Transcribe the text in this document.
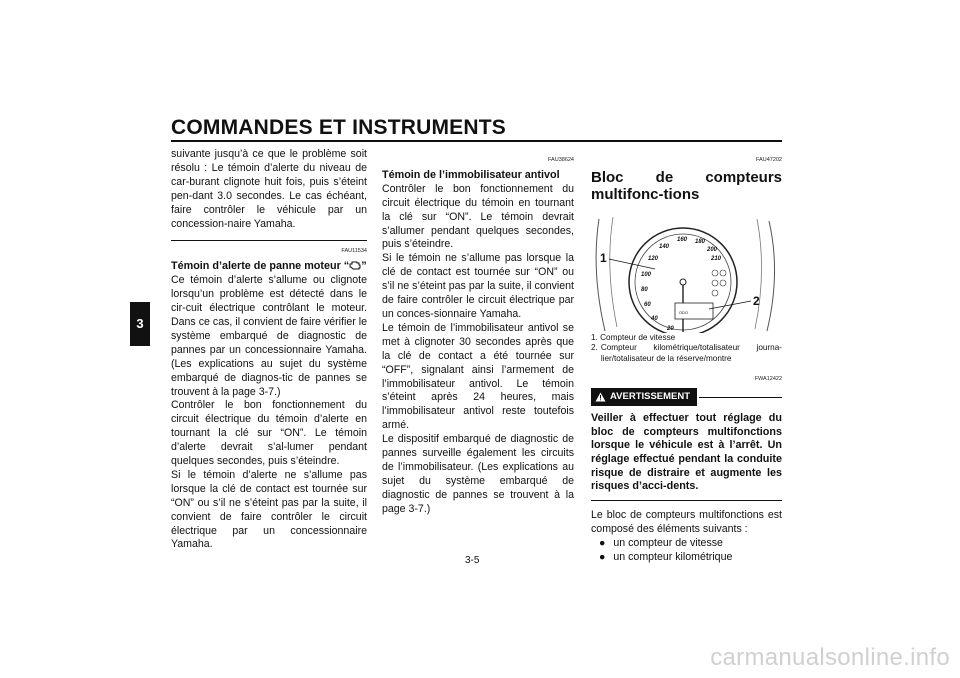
COMMANDES ET INSTRUMENTS
3

suivante jusqu’à ce que le problème soit résolu : Le témoin d’alerte du niveau de car-burant clignote huit fois, puis s’éteint pen-dant 3.0 secondes. Le cas échéant, faire contrôler le véhicule par un concession-naire Yamaha.

FAU11534
Témoin d’alerte de panne moteur “ ”

Ce témoin d’alerte s’allume ou clignote lorsqu’un problème est détecté dans le cir-cuit électrique contrôlant le moteur. Dans ce cas, il convient de faire vérifier le système embarqué de diagnostic de pannes par un concessionnaire Yamaha. (Les explications au sujet du système embarqué de diagnos-tic de pannes se trouvent à la page 3-7.)

Contrôler le bon fonctionnement du circuit électrique du témoin d’alerte en tournant la clé sur “ON”. Le témoin d’alerte devrait s’al-lumer pendant quelques secondes, puis s’éteindre.

Si le témoin d’alerte ne s’allume pas lorsque la clé de contact est tournée sur “ON” ou s’il ne s’éteint pas par la suite, il convient de faire contrôler le circuit électrique par un concessionnaire Yamaha.

FAU38624
Témoin de l’immobilisateur antivol

Contrôler le bon fonctionnement du circuit électrique du témoin en tournant la clé sur “ON”. Le témoin devrait s’allumer pendant quelques secondes, puis s’éteindre.

Si le témoin ne s’allume pas lorsque la clé de contact est tournée sur “ON” ou s’il ne s’éteint pas par la suite, il convient de faire contrôler le circuit électrique par un conces-sionnaire Yamaha.

Le témoin de l’immobilisateur antivol se met à clignoter 30 secondes après que la clé de contact a été tournée sur “OFF”, signalant ainsi l’armement de l’immobilisateur antivol. Le témoin s’éteint après 24 heures, mais l’immobilisateur antivol reste toutefois armé.

Le dispositif embarqué de diagnostic de pannes surveille également les circuits de l’immobilisateur. (Les explications au sujet du système embarqué de diagnostic de pannes se trouvent à la page 3-7.)

FAU47202
Bloc de compteurs multifonc-tions
20
40
60
80
100
120
140
160 180
200
210
ODO
1
2
1. Compteur de vitesse
2. Compteur kilométrique/totalisateur journa-lier/totalisateur de la réserve/montre
FWA12422
AVERTISSEMENT
Veiller à effectuer tout réglage du bloc de compteurs multifonctions lorsque le véhicule est à l’arrêt. Un réglage effectué pendant la conduite risque de distraire et augmente les risques d’acci-dents.

Le bloc de compteurs multifonctions est composé des éléments suivants :

● un compteur de vitesse
● un compteur kilométrique
3-5
carmanualsonline.info
